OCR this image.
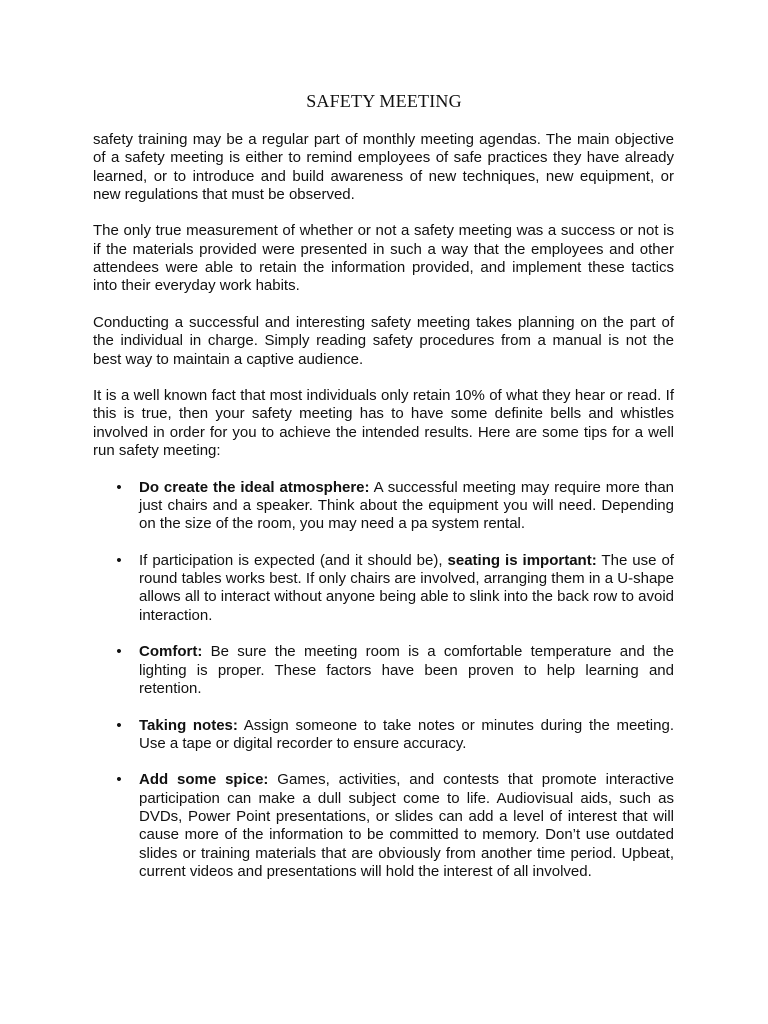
SAFETY MEETING

safety training may be a regular part of monthly meeting agendas. The main objective of a safety meeting is either to remind employees of safe practices they have already learned, or to introduce and build awareness of new techniques, new equipment, or new regulations that must be observed.

The only true measurement of whether or not a safety meeting was a success or not is if the materials provided were presented in such a way that the employees and other attendees were able to retain the information provided, and implement these tactics into their everyday work habits.

Conducting a successful and interesting safety meeting takes planning on the part of the individual in charge. Simply reading safety procedures from a manual is not the best way to maintain a captive audience.

It is a well known fact that most individuals only retain 10% of what they hear or read. If this is true, then your safety meeting has to have some definite bells and whistles involved in order for you to achieve the intended results. Here are some tips for a well run safety meeting:

• Do create the ideal atmosphere: A successful meeting may require more than just chairs and a speaker. Think about the equipment you will need. Depending on the size of the room, you may need a pa system rental.
• If participation is expected (and it should be), seating is important: The use of round tables works best. If only chairs are involved, arranging them in a U-shape allows all to interact without anyone being able to slink into the back row to avoid interaction.
• Comfort: Be sure the meeting room is a comfortable temperature and the lighting is proper. These factors have been proven to help learning and retention.
• Taking notes: Assign someone to take notes or minutes during the meeting. Use a tape or digital recorder to ensure accuracy.
• Add some spice: Games, activities, and contests that promote interactive participation can make a dull subject come to life. Audiovisual aids, such as DVDs, Power Point presentations, or slides can add a level of interest that will cause more of the information to be committed to memory. Don’t use outdated slides or training materials that are obviously from another time period. Upbeat, current videos and presentations will hold the interest of all involved.
